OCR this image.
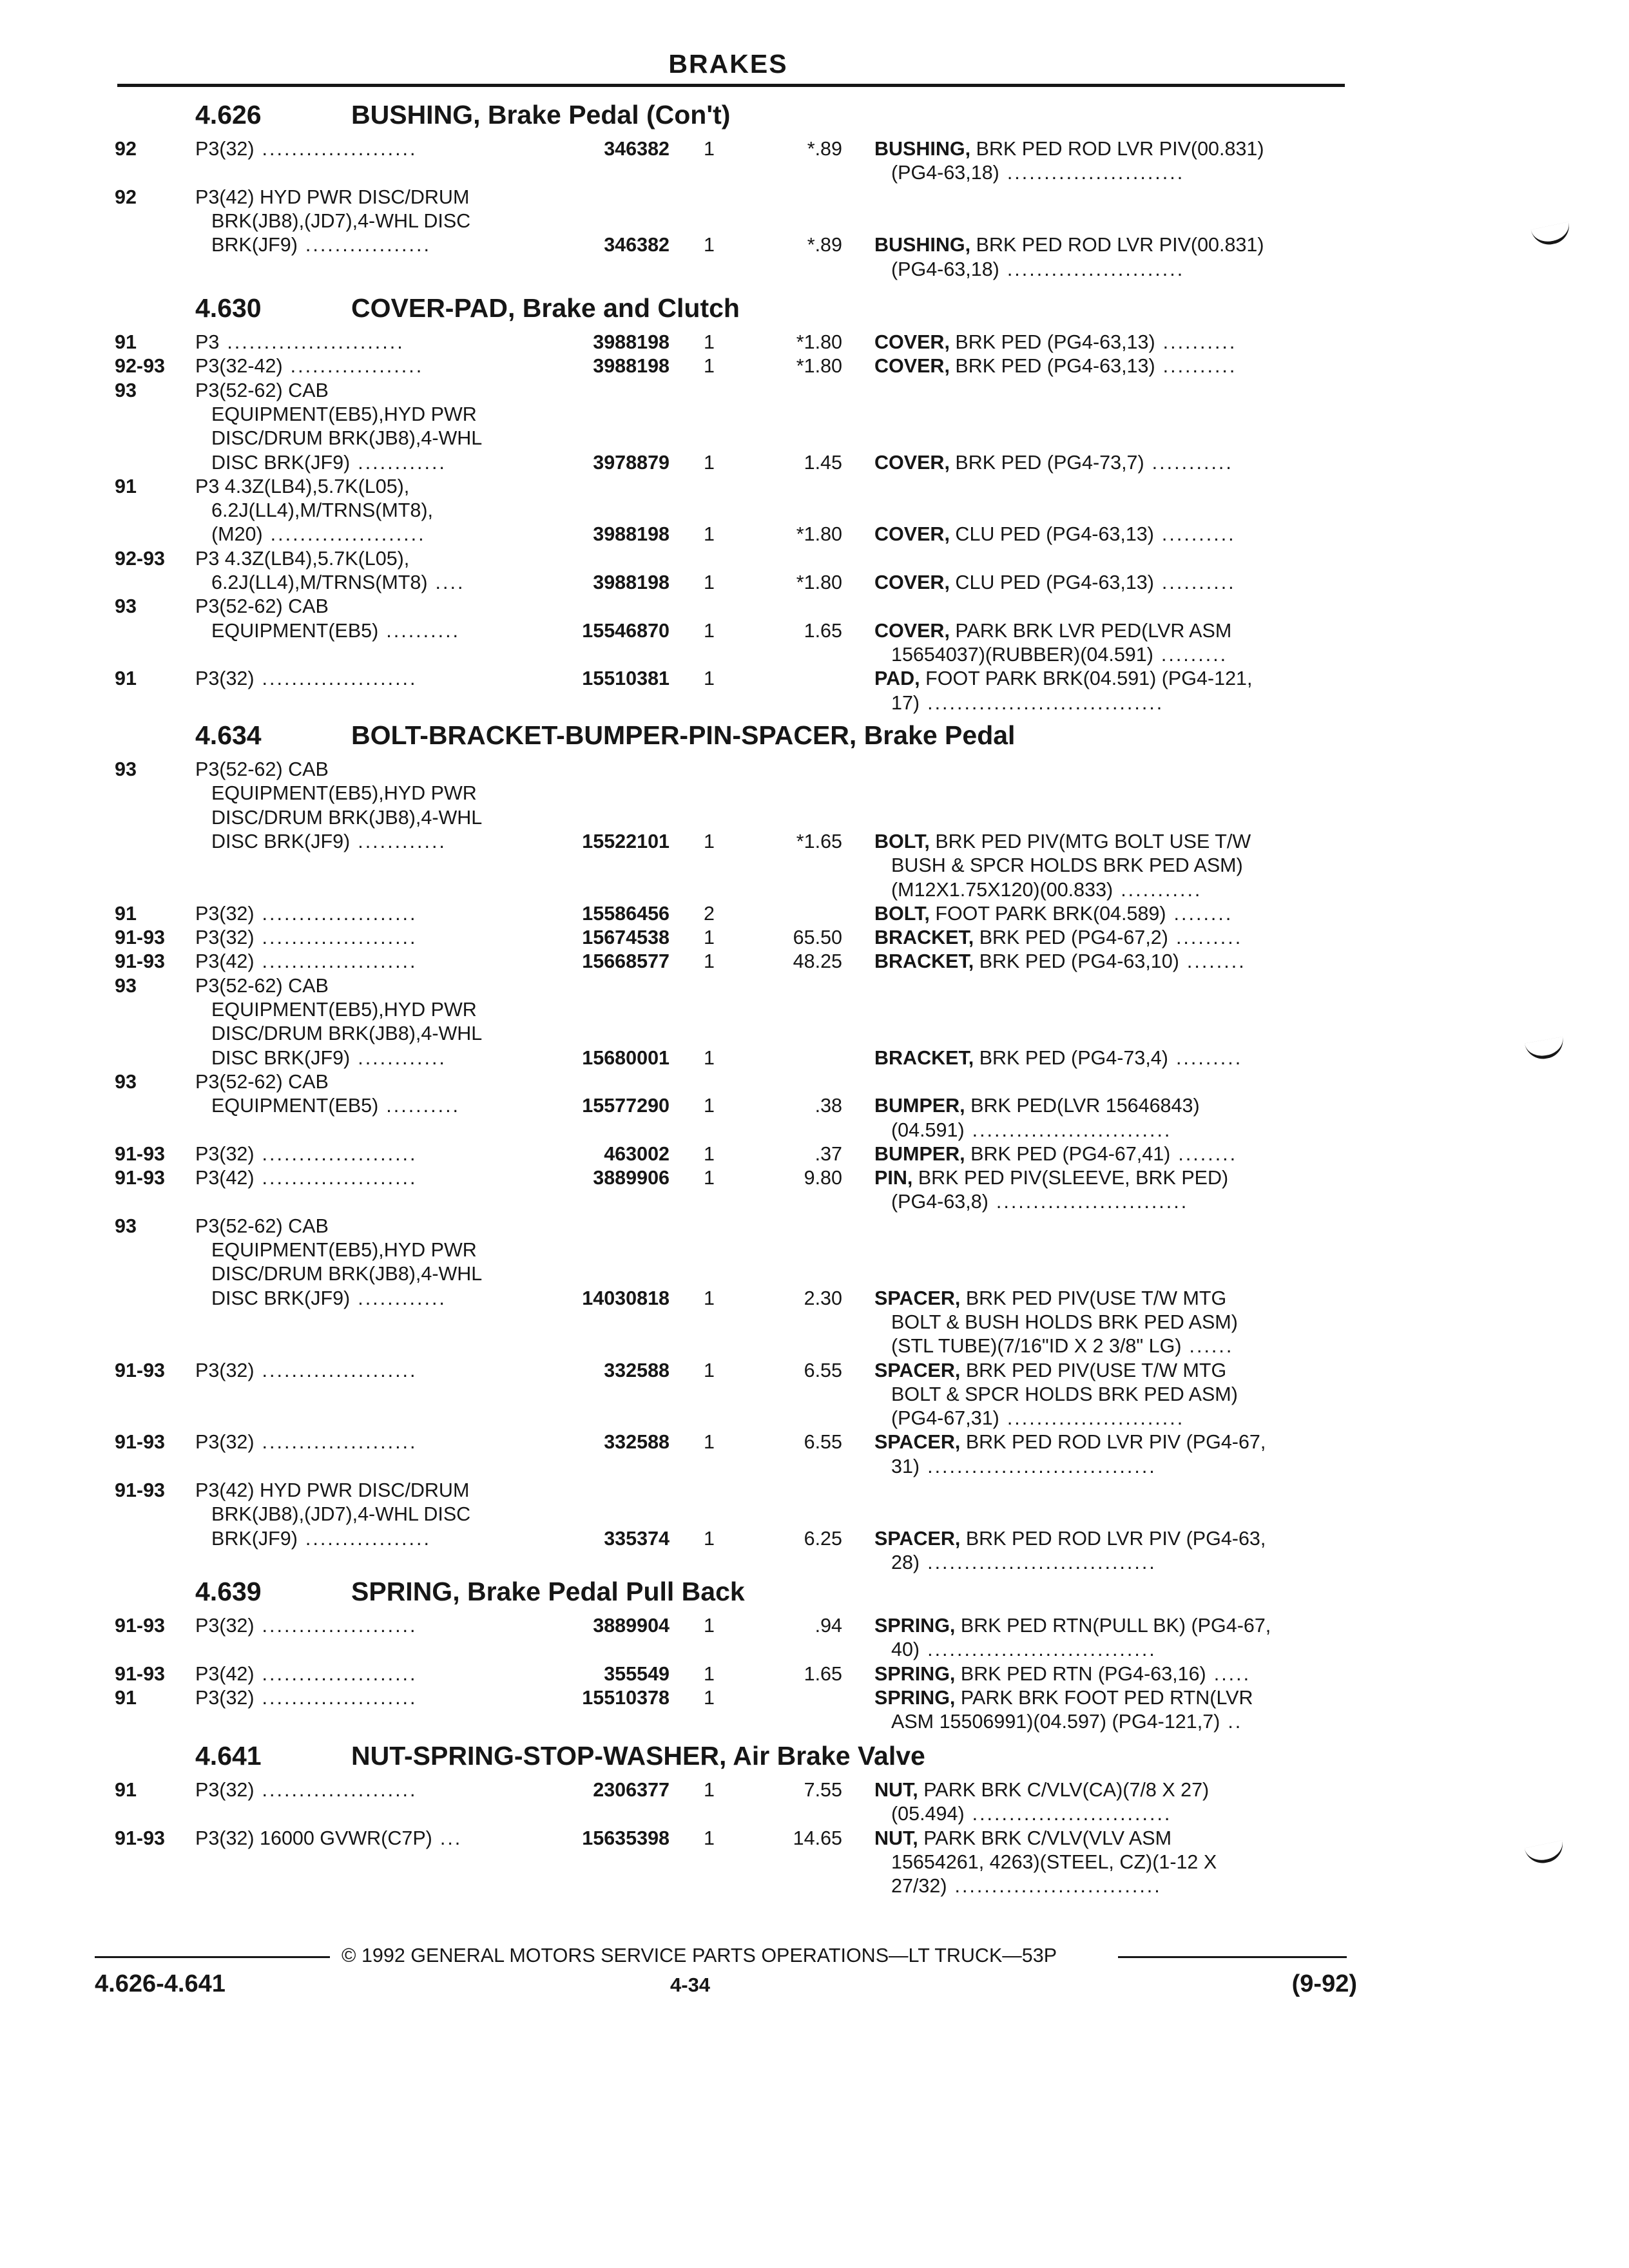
BRAKES
4.626	BUSHING, Brake Pedal (Con't)
92	P3(32) .....................	346382 1	*.89 BUSHING, BRK PED ROD LVR PIV(00.831)
(PG4-63,18) ........................
92	P3(42) HYD PWR DISC/DRUM
BRK(JB8),(JD7),4-WHL DISC
BRK(JF9) .................	346382 1	*.89 BUSHING, BRK PED ROD LVR PIV(00.831)
(PG4-63,18) ........................
4.630	COVER-PAD, Brake and Clutch
91	P3 ........................	3988198 1	*1.80 COVER, BRK PED (PG4-63,13) ..........
92-93 P3(32-42) ..................	3988198 1	*1.80 COVER, BRK PED (PG4-63,13) ..........
93	P3(52-62) CAB
EQUIPMENT(EB5),HYD PWR
DISC/DRUM BRK(JB8),4-WHL
DISC BRK(JF9) ............	3978879 1	1.45 COVER, BRK PED (PG4-73,7) ...........
91	P3 4.3Z(LB4),5.7K(L05),
6.2J(LL4),M/TRNS(MT8),
(M20) .....................	3988198 1	*1.80 COVER, CLU PED (PG4-63,13) ..........
92-93 P3 4.3Z(LB4),5.7K(L05),
6.2J(LL4),M/TRNS(MT8) ....	3988198 1	*1.80 COVER, CLU PED (PG4-63,13) ..........
93	P3(52-62) CAB
EQUIPMENT(EB5) ..........	15546870 1	1.65 COVER, PARK BRK LVR PED(LVR ASM
15654037)(RUBBER)(04.591) .........
91	P3(32) .....................	15510381 1	PAD, FOOT PARK BRK(04.591) (PG4-121,
17) ................................
4.634	BOLT-BRACKET-BUMPER-PIN-SPACER, Brake Pedal
93	P3(52-62) CAB
EQUIPMENT(EB5),HYD PWR
DISC/DRUM BRK(JB8),4-WHL
DISC BRK(JF9) ............	15522101 1	*1.65 BOLT, BRK PED PIV(MTG BOLT USE T/W
BUSH & SPCR HOLDS BRK PED ASM)
(M12X1.75X120)(00.833) ...........
91	P3(32) .....................	15586456 2	BOLT, FOOT PARK BRK(04.589) ........
91-93 P3(32) .....................	15674538 1	65.50 BRACKET, BRK PED (PG4-67,2) .........
91-93 P3(42) .....................	15668577 1	48.25 BRACKET, BRK PED (PG4-63,10) ........
93	P3(52-62) CAB
EQUIPMENT(EB5),HYD PWR
DISC/DRUM BRK(JB8),4-WHL
DISC BRK(JF9) ............	15680001 1	BRACKET, BRK PED (PG4-73,4) .........
93	P3(52-62) CAB
EQUIPMENT(EB5) ..........	15577290 1	.38 BUMPER, BRK PED(LVR 15646843)
(04.591) ...........................
91-93 P3(32) .....................	463002 1	.37 BUMPER, BRK PED (PG4-67,41) ........
91-93 P3(42) .....................	3889906 1	9.80 PIN, BRK PED PIV(SLEEVE, BRK PED)
(PG4-63,8) ..........................
93	P3(52-62) CAB
EQUIPMENT(EB5),HYD PWR
DISC/DRUM BRK(JB8),4-WHL
DISC BRK(JF9) ............	14030818 1	2.30 SPACER, BRK PED PIV(USE T/W MTG
BOLT & BUSH HOLDS BRK PED ASM)
(STL TUBE)(7/16"ID X 2 3/8" LG) ......
91-93 P3(32) .....................	332588 1	6.55 SPACER, BRK PED PIV(USE T/W MTG
BOLT & SPCR HOLDS BRK PED ASM)
(PG4-67,31) ........................
91-93 P3(32) .....................	332588 1	6.55 SPACER, BRK PED ROD LVR PIV (PG4-67,
31) ...............................
91-93 P3(42) HYD PWR DISC/DRUM
BRK(JB8),(JD7),4-WHL DISC
BRK(JF9) .................	335374 1	6.25 SPACER, BRK PED ROD LVR PIV (PG4-63,
28) ...............................
4.639	SPRING, Brake Pedal Pull Back
91-93 P3(32) .....................	3889904 1	.94 SPRING, BRK PED RTN(PULL BK) (PG4-67,
40) ...............................
91-93 P3(42) .....................	355549 1	1.65 SPRING, BRK PED RTN (PG4-63,16) .....
91	P3(32) .....................	15510378 1	SPRING, PARK BRK FOOT PED RTN(LVR
ASM 15506991)(04.597) (PG4-121,7) ..
4.641	NUT-SPRING-STOP-WASHER, Air Brake Valve
91	P3(32) .....................	2306377 1	7.55 NUT, PARK BRK C/VLV(CA)(7/8 X 27)
(05.494) ...........................
91-93 P3(32) 16000 GVWR(C7P) ...	15635398 1	14.65 NUT, PARK BRK C/VLV(VLV ASM
15654261, 4263)(STEEL, CZ)(1-12 X
27/32) ............................
© 1992 GENERAL MOTORS SERVICE PARTS OPERATIONS—LT TRUCK—53P
4.626-4.641	4-34	(9-92)
